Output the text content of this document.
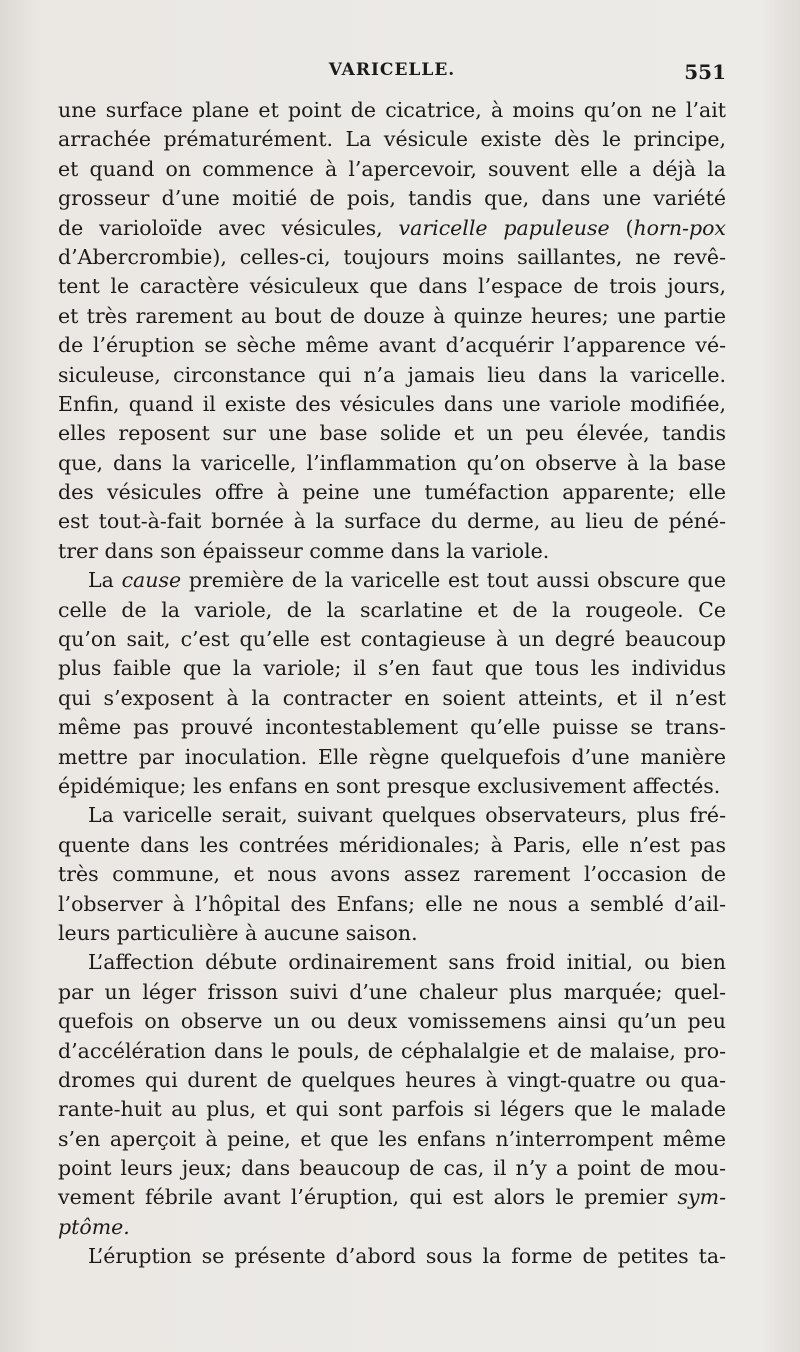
VARICELLE.	551
une surface plane et point de cicatrice, à moins qu’on ne l’ait
arrachée prématurément. La vésicule existe dès le principe,
et quand on commence à l’apercevoir, souvent elle a déjà la
grosseur d’une moitié de pois, tandis que, dans une variété
de varioloïde avec vésicules, varicelle papuleuse (horn-pox
d’Abercrombie), celles-ci, toujours moins saillantes, ne revê-
tent le caractère vésiculeux que dans l’espace de trois jours,
et très rarement au bout de douze à quinze heures; une partie
de l’éruption se sèche même avant d’acquérir l’apparence vé-
siculeuse, circonstance qui n’a jamais lieu dans la varicelle.
Enfin, quand il existe des vésicules dans une variole modifiée,
elles reposent sur une base solide et un peu élevée, tandis
que, dans la varicelle, l’inflammation qu’on observe à la base
des vésicules offre à peine une tuméfaction apparente; elle
est tout-à-fait bornée à la surface du derme, au lieu de péné-
trer dans son épaisseur comme dans la variole.
La cause première de la varicelle est tout aussi obscure que
celle de la variole, de la scarlatine et de la rougeole. Ce
qu’on sait, c’est qu’elle est contagieuse à un degré beaucoup
plus faible que la variole; il s’en faut que tous les individus
qui s’exposent à la contracter en soient atteints, et il n’est
même pas prouvé incontestablement qu’elle puisse se trans-
mettre par inoculation. Elle règne quelquefois d’une manière
épidémique; les enfans en sont presque exclusivement affectés.
La varicelle serait, suivant quelques observateurs, plus fré-
quente dans les contrées méridionales; à Paris, elle n’est pas
très commune, et nous avons assez rarement l’occasion de
l’observer à l’hôpital des Enfans; elle ne nous a semblé d’ail-
leurs particulière à aucune saison.
L’affection débute ordinairement sans froid initial, ou bien
par un léger frisson suivi d’une chaleur plus marquée; quel-
quefois on observe un ou deux vomissemens ainsi qu’un peu
d’accélération dans le pouls, de céphalalgie et de malaise, pro-
dromes qui durent de quelques heures à vingt-quatre ou qua-
rante-huit au plus, et qui sont parfois si légers que le malade
s’en aperçoit à peine, et que les enfans n’interrompent même
point leurs jeux; dans beaucoup de cas, il n’y a point de mou-
vement fébrile avant l’éruption, qui est alors le premier sym-
ptôme.
L’éruption se présente d’abord sous la forme de petites ta-
